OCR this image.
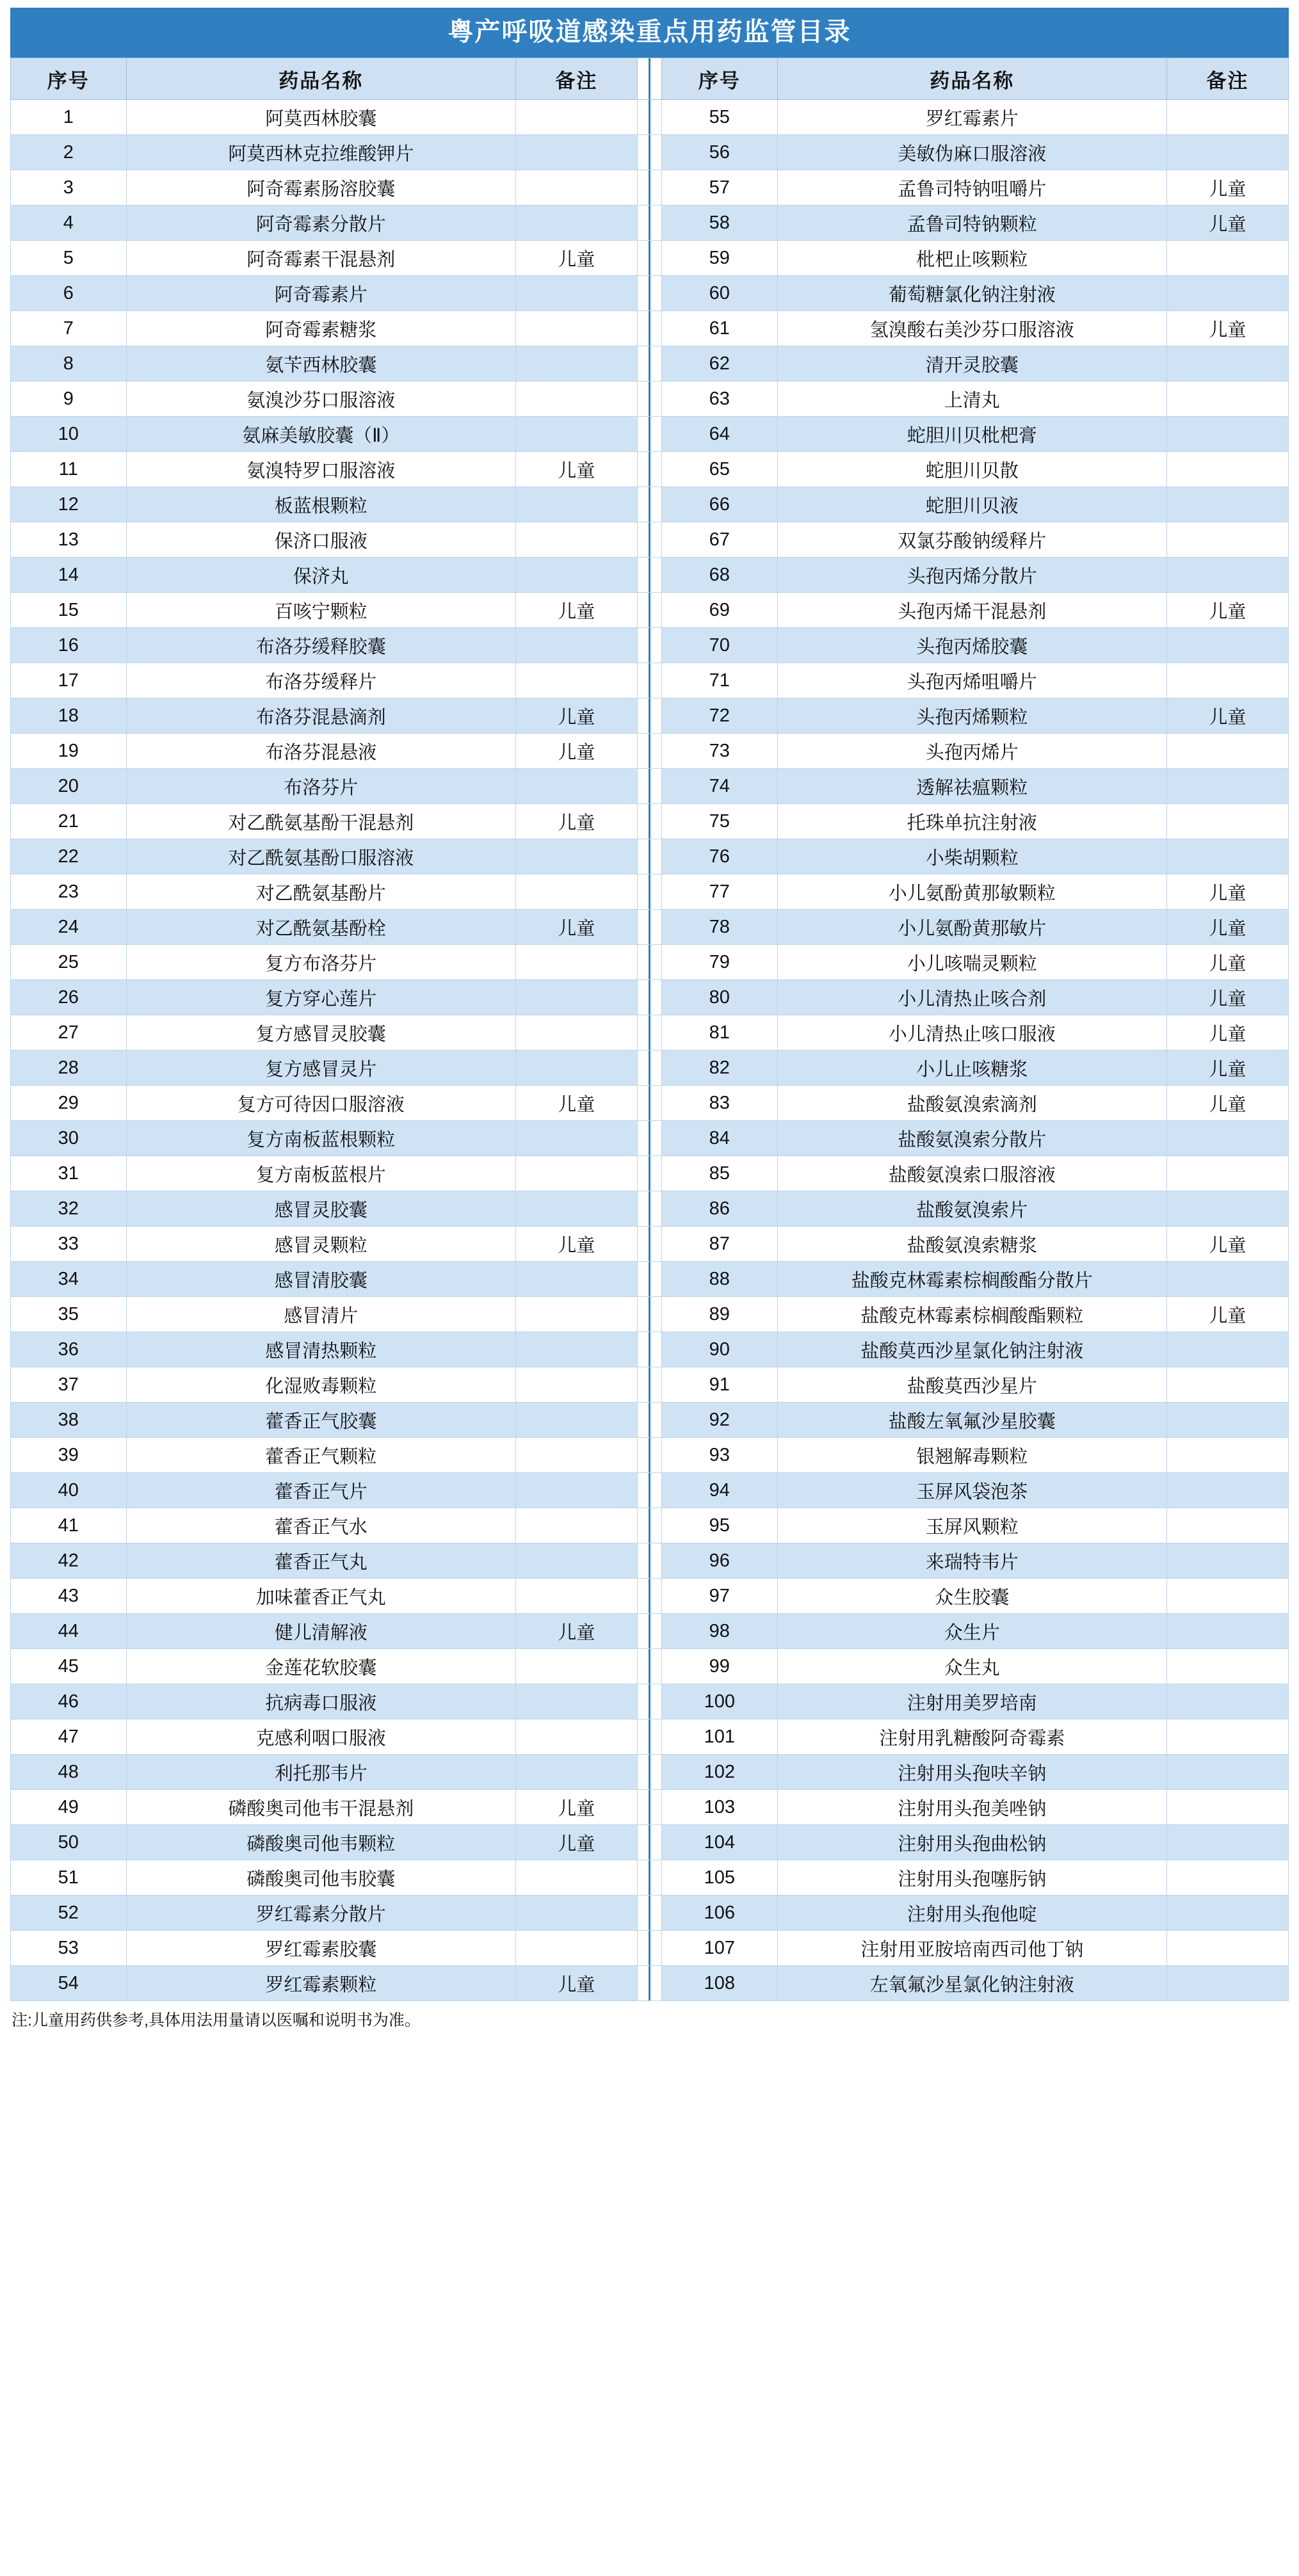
粤产呼吸道感染重点用药监管目录
序号	药品名称	备注		序号	药品名称	备注
1	阿莫西林胶囊			55	罗红霉素片	
2	阿莫西林克拉维酸钾片			56	美敏伪麻口服溶液	
3	阿奇霉素肠溶胶囊			57	孟鲁司特钠咀嚼片	儿童
4	阿奇霉素分散片			58	孟鲁司特钠颗粒	儿童
5	阿奇霉素干混悬剂	儿童		59	枇杷止咳颗粒	
6	阿奇霉素片			60	葡萄糖氯化钠注射液	
7	阿奇霉素糖浆			61	氢溴酸右美沙芬口服溶液	儿童
8	氨苄西林胶囊			62	清开灵胶囊	
9	氨溴沙芬口服溶液			63	上清丸	
10	氨麻美敏胶囊（Ⅱ）			64	蛇胆川贝枇杷膏	
11	氨溴特罗口服溶液	儿童		65	蛇胆川贝散	
12	板蓝根颗粒			66	蛇胆川贝液	
13	保济口服液			67	双氯芬酸钠缓释片	
14	保济丸			68	头孢丙烯分散片	
15	百咳宁颗粒	儿童		69	头孢丙烯干混悬剂	儿童
16	布洛芬缓释胶囊			70	头孢丙烯胶囊	
17	布洛芬缓释片			71	头孢丙烯咀嚼片	
18	布洛芬混悬滴剂	儿童		72	头孢丙烯颗粒	儿童
19	布洛芬混悬液	儿童		73	头孢丙烯片	
20	布洛芬片			74	透解祛瘟颗粒	
21	对乙酰氨基酚干混悬剂	儿童		75	托珠单抗注射液	
22	对乙酰氨基酚口服溶液			76	小柴胡颗粒	
23	对乙酰氨基酚片			77	小儿氨酚黄那敏颗粒	儿童
24	对乙酰氨基酚栓	儿童		78	小儿氨酚黄那敏片	儿童
25	复方布洛芬片			79	小儿咳喘灵颗粒	儿童
26	复方穿心莲片			80	小儿清热止咳合剂	儿童
27	复方感冒灵胶囊			81	小儿清热止咳口服液	儿童
28	复方感冒灵片			82	小儿止咳糖浆	儿童
29	复方可待因口服溶液	儿童		83	盐酸氨溴索滴剂	儿童
30	复方南板蓝根颗粒			84	盐酸氨溴索分散片	
31	复方南板蓝根片			85	盐酸氨溴索口服溶液	
32	感冒灵胶囊			86	盐酸氨溴索片	
33	感冒灵颗粒	儿童		87	盐酸氨溴索糖浆	儿童
34	感冒清胶囊			88	盐酸克林霉素棕榈酸酯分散片	
35	感冒清片			89	盐酸克林霉素棕榈酸酯颗粒	儿童
36	感冒清热颗粒			90	盐酸莫西沙星氯化钠注射液	
37	化湿败毒颗粒			91	盐酸莫西沙星片	
38	藿香正气胶囊			92	盐酸左氧氟沙星胶囊	
39	藿香正气颗粒			93	银翘解毒颗粒	
40	藿香正气片			94	玉屏风袋泡茶	
41	藿香正气水			95	玉屏风颗粒	
42	藿香正气丸			96	来瑞特韦片	
43	加味藿香正气丸			97	众生胶囊	
44	健儿清解液	儿童		98	众生片	
45	金莲花软胶囊			99	众生丸	
46	抗病毒口服液			100	注射用美罗培南	
47	克感利咽口服液			101	注射用乳糖酸阿奇霉素	
48	利托那韦片			102	注射用头孢呋辛钠	
49	磷酸奥司他韦干混悬剂	儿童		103	注射用头孢美唑钠	
50	磷酸奥司他韦颗粒	儿童		104	注射用头孢曲松钠	
51	磷酸奥司他韦胶囊			105	注射用头孢噻肟钠	
52	罗红霉素分散片			106	注射用头孢他啶	
53	罗红霉素胶囊			107	注射用亚胺培南西司他丁钠	
54	罗红霉素颗粒	儿童		108	左氧氟沙星氯化钠注射液	
注:儿童用药供参考,具体用法用量请以医嘱和说明书为准。
